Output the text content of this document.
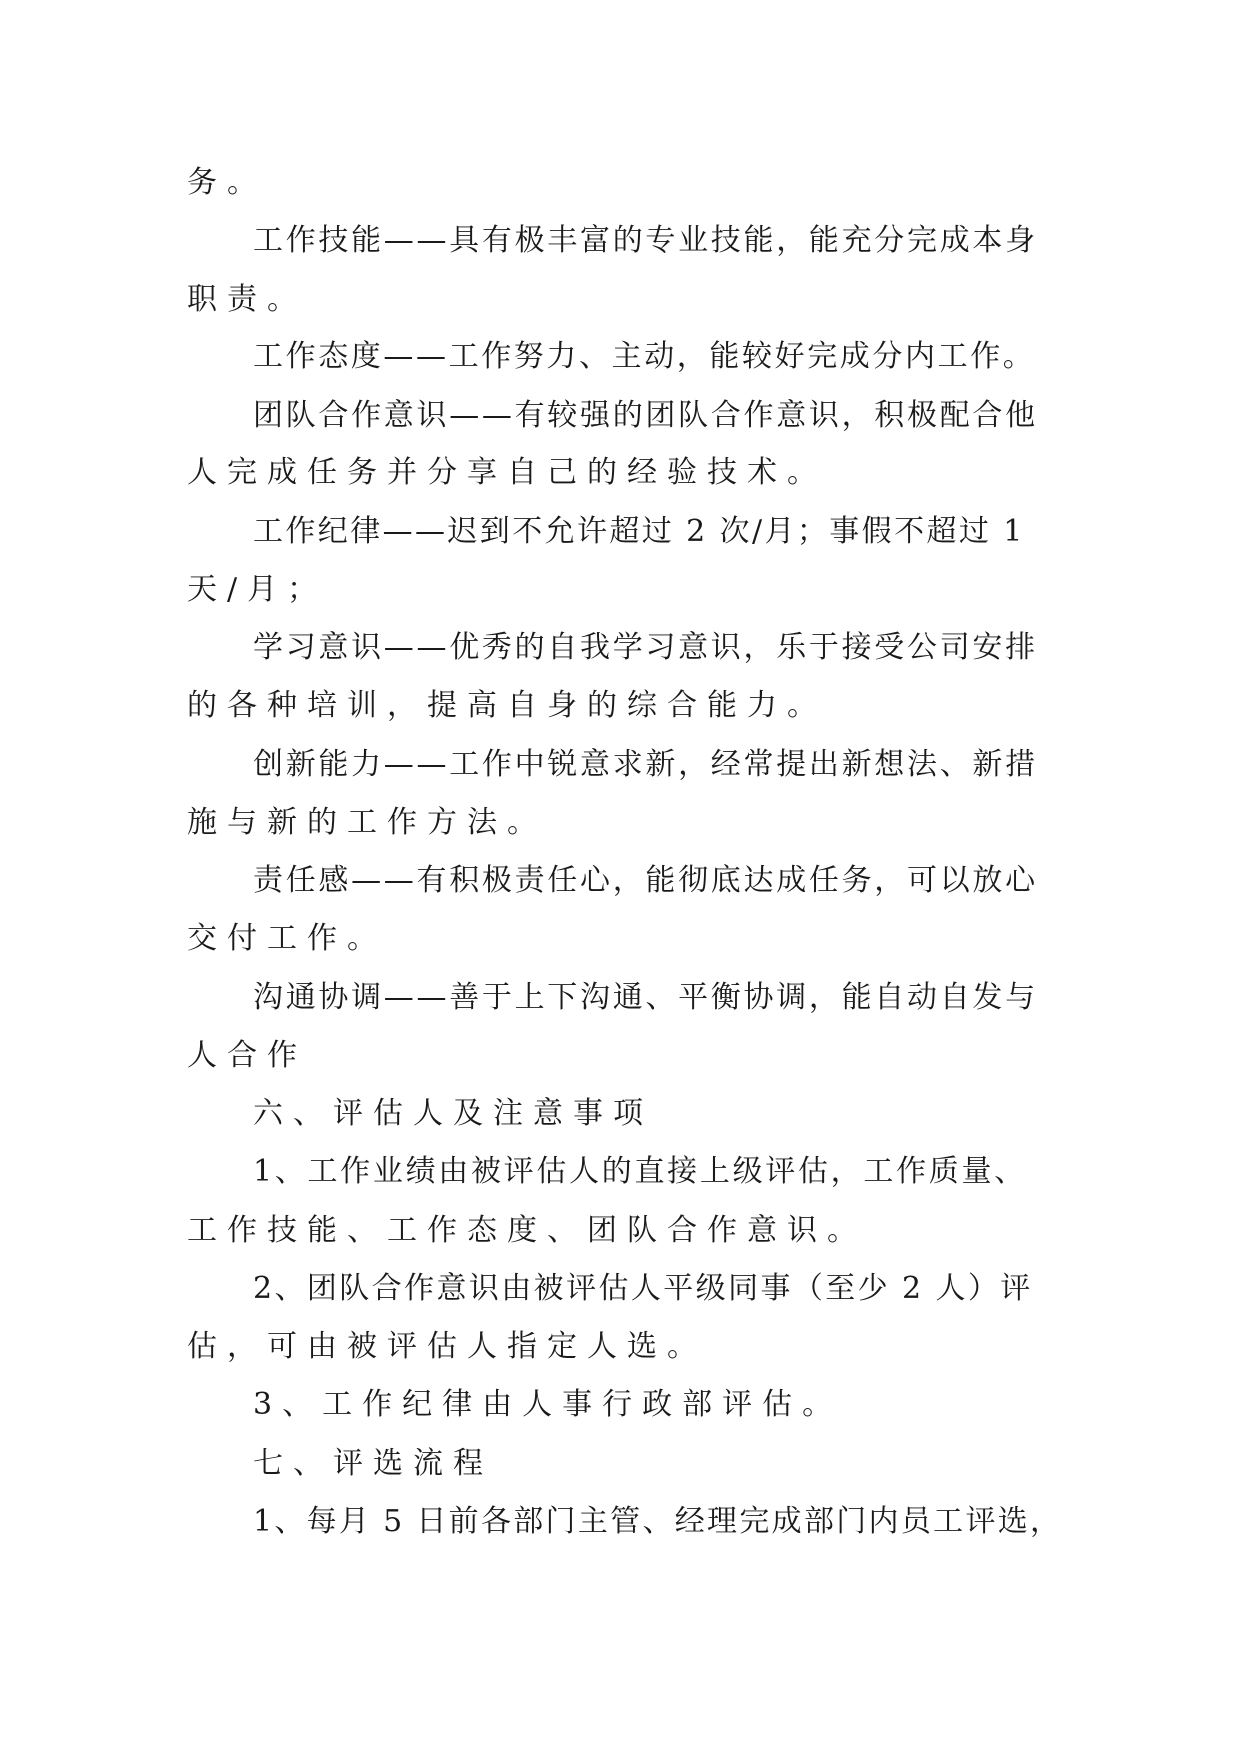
务。

工作技能——具有极丰富的专业技能，能充分完成本身

职责。

工作态度——工作努力、主动，能较好完成分内工作。

团队合作意识——有较强的团队合作意识，积极配合他

人完成任务并分享自己的经验技术。

工作纪律——迟到不允许超过 2 次/月；事假不超过 1

天/月；

学习意识——优秀的自我学习意识，乐于接受公司安排

的各种培训，提高自身的综合能力。

创新能力——工作中锐意求新，经常提出新想法、新措

施与新的工作方法。

责任感——有积极责任心，能彻底达成任务，可以放心

交付工作。

沟通协调——善于上下沟通、平衡协调，能自动自发与

人合作

六、评估人及注意事项

1、工作业绩由被评估人的直接上级评估，工作质量、

工作技能、工作态度、团队合作意识。

2、团队合作意识由被评估人平级同事（至少 2 人）评

估，可由被评估人指定人选。

3、工作纪律由人事行政部评估。

七、评选流程

1、每月 5 日前各部门主管、经理完成部门内员工评选，
